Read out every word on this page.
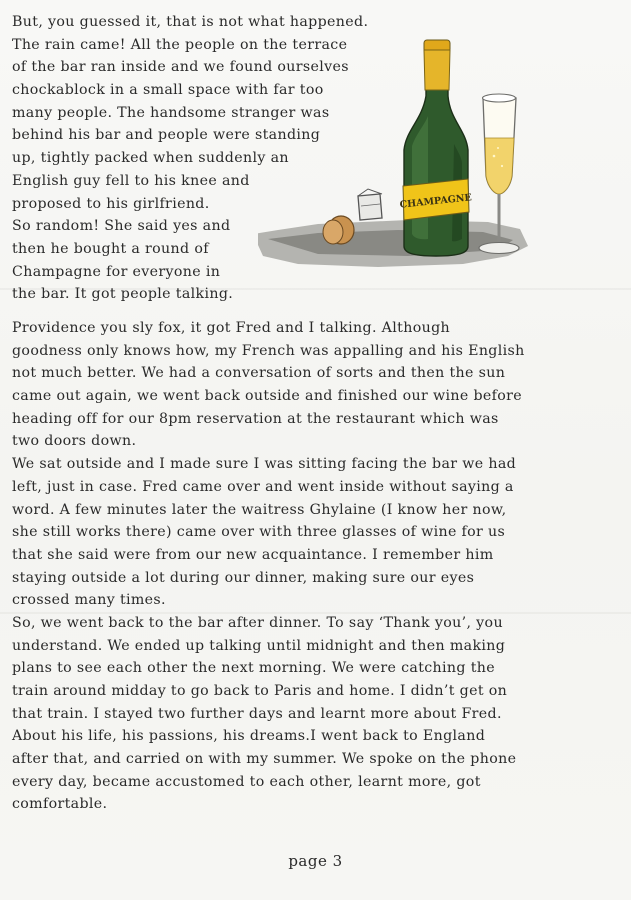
But, you guessed it, that is not what happened.
The rain came! All the people on the terrace
of the bar ran inside and we found ourselves
chockablock in a small space with far too
many people. The handsome stranger was
behind his bar and people were standing
up, tightly packed when suddenly an
English guy fell to his knee and
proposed to his girlfriend.
So random! She said yes and
then he bought a round of
Champagne for everyone in
the bar. It got people talking.
CHAMPAGNE
Providence you sly fox, it got Fred and I talking. Although
goodness only knows how, my French was appalling and his English
not much better. We had a conversation of sorts and then the sun
came out again, we went back outside and finished our wine before
heading off for our 8pm reservation at the restaurant which was
two doors down.
We sat outside and I made sure I was sitting facing the bar we had
left, just in case. Fred came over and went inside without saying a
word. A few minutes later the waitress Ghylaine (I know her now,
she still works there) came over with three glasses of wine for us
that she said were from our new acquaintance. I remember him
staying outside a lot during our dinner, making sure our eyes
crossed many times.
So, we went back to the bar after dinner. To say ‘Thank you’, you
understand. We ended up talking until midnight and then making
plans to see each other the next morning. We were catching the
train around midday to go back to Paris and home. I didn’t get on
that train. I stayed two further days and learnt more about Fred.
About his life, his passions, his dreams.I went back to England
after that, and carried on with my summer. We spoke on the phone
every day, became accustomed to each other, learnt more, got
comfortable.
page 3
